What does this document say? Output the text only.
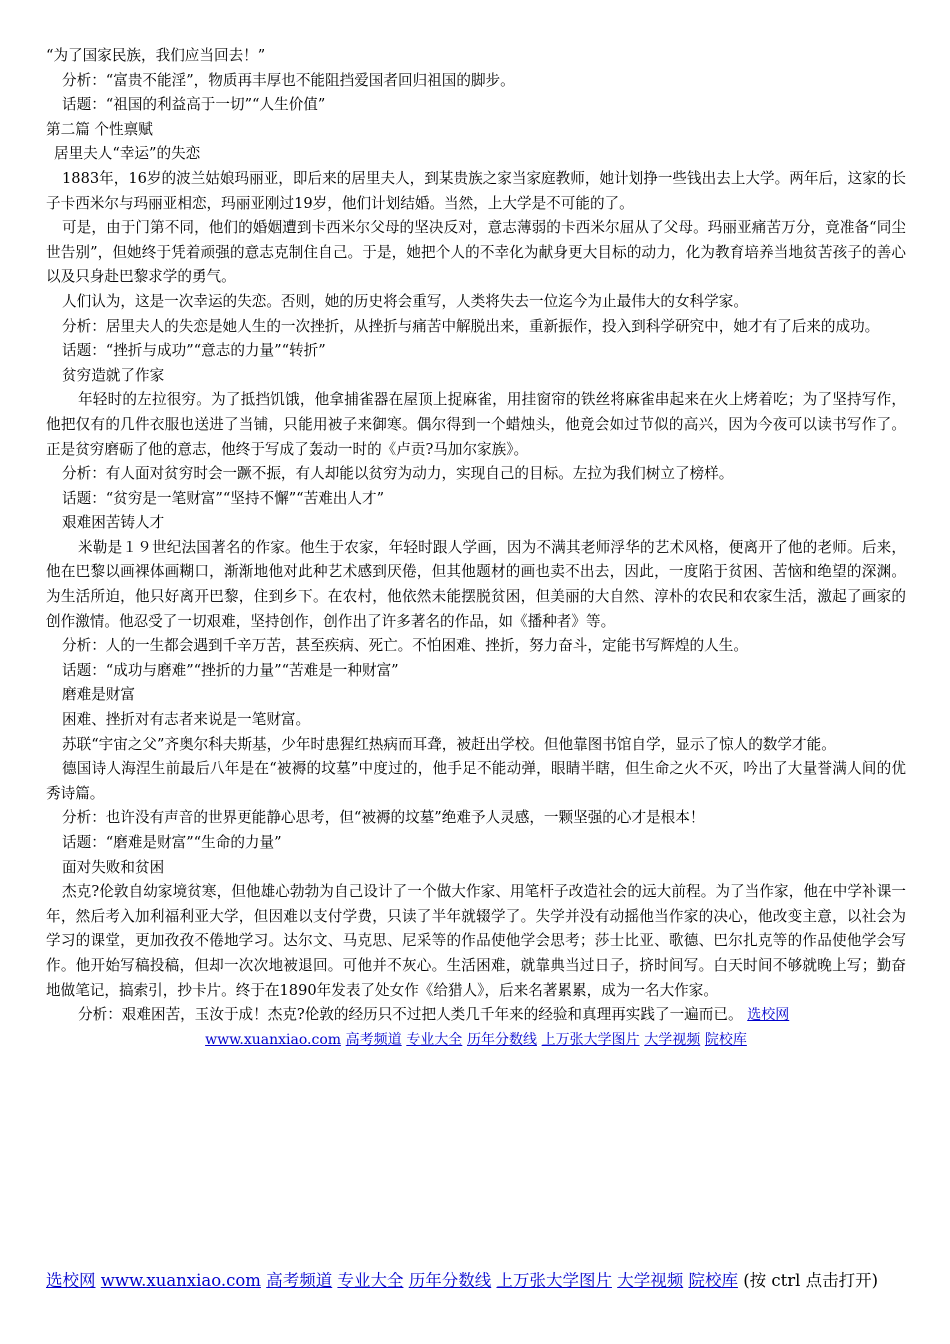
“为了国家民族，我们应当回去！”

分析：“富贵不能淫”，物质再丰厚也不能阻挡爱国者回归祖国的脚步。

话题：“祖国的利益高于一切”“人生价值”

第二篇 个性禀赋

居里夫人“幸运”的失恋

1883年，16岁的波兰姑娘玛丽亚，即后来的居里夫人，到某贵族之家当家庭教师，她计划挣一些钱出去上大学。两年后，这家的长子卡西米尔与玛丽亚相恋，玛丽亚刚过19岁，他们计划结婚。当然，上大学是不可能的了。

可是，由于门第不同，他们的婚姻遭到卡西米尔父母的坚决反对，意志薄弱的卡西米尔屈从了父母。玛丽亚痛苦万分，竟准备“同尘世告别”，但她终于凭着顽强的意志克制住自己。于是，她把个人的不幸化为献身更大目标的动力，化为教育培养当地贫苦孩子的善心以及只身赴巴黎求学的勇气。

人们认为，这是一次幸运的失恋。否则，她的历史将会重写，人类将失去一位迄今为止最伟大的女科学家。

分析：居里夫人的失恋是她人生的一次挫折，从挫折与痛苦中解脱出来，重新振作，投入到科学研究中，她才有了后来的成功。

话题：“挫折与成功”“意志的力量”“转折”

贫穷造就了作家

年轻时的左拉很穷。为了抵挡饥饿，他拿捕雀器在屋顶上捉麻雀，用挂窗帘的铁丝将麻雀串起来在火上烤着吃；为了坚持写作，他把仅有的几件衣服也送进了当铺，只能用被子来御寒。偶尔得到一个蜡烛头，他竟会如过节似的高兴，因为今夜可以读书写作了。正是贫穷磨砺了他的意志，他终于写成了轰动一时的《卢贡?马加尔家族》。

分析：有人面对贫穷时会一蹶不振，有人却能以贫穷为动力，实现自己的目标。左拉为我们树立了榜样。

话题：“贫穷是一笔财富”“坚持不懈”“苦难出人才”

艰难困苦铸人才

米勒是１９世纪法国著名的作家。他生于农家，年轻时跟人学画，因为不满其老师浮华的艺术风格，便离开了他的老师。后来，他在巴黎以画裸体画糊口，渐渐地他对此种艺术感到厌倦，但其他题材的画也卖不出去，因此，一度陷于贫困、苦恼和绝望的深渊。为生活所迫，他只好离开巴黎，住到乡下。在农村，他依然未能摆脱贫困，但美丽的大自然、淳朴的农民和农家生活，激起了画家的创作激情。他忍受了一切艰难，坚持创作，创作出了许多著名的作品，如《播种者》等。

分析：人的一生都会遇到千辛万苦，甚至疾病、死亡。不怕困难、挫折，努力奋斗，定能书写辉煌的人生。

话题：“成功与磨难”“挫折的力量”“苦难是一种财富”

磨难是财富

困难、挫折对有志者来说是一笔财富。

苏联“宇宙之父”齐奥尔科夫斯基，少年时患猩红热病而耳聋，被赶出学校。但他靠图书馆自学，显示了惊人的数学才能。

德国诗人海涅生前最后八年是在“被褥的坟墓”中度过的，他手足不能动弹，眼睛半瞎，但生命之火不灭，吟出了大量誉满人间的优秀诗篇。

分析：也许没有声音的世界更能静心思考，但“被褥的坟墓”绝难予人灵感，一颗坚强的心才是根本！

话题：“磨难是财富”“生命的力量”

面对失败和贫困

杰克?伦敦自幼家境贫寒，但他雄心勃勃为自己设计了一个做大作家、用笔杆子改造社会的远大前程。为了当作家，他在中学补课一年，然后考入加利福利亚大学，但因难以支付学费，只读了半年就辍学了。失学并没有动摇他当作家的决心，他改变主意，以社会为学习的课堂，更加孜孜不倦地学习。达尔文、马克思、尼采等的作品使他学会思考；莎士比亚、歌德、巴尔扎克等的作品使他学会写作。他开始写稿投稿，但却一次次地被退回。可他并不灰心。生活困难，就靠典当过日子，挤时间写。白天时间不够就晚上写；勤奋地做笔记，搞索引，抄卡片。终于在1890年发表了处女作《给猎人》，后来名著累累，成为一名大作家。

分析：艰难困苦，玉汝于成！杰克?伦敦的经历只不过把人类几千年来的经验和真理再实践了一遍而已。 选校网

www.xuanxiao.com 高考频道 专业大全 历年分数线 上万张大学图片 大学视频 院校库

选校网 www.xuanxiao.com 高考频道 专业大全 历年分数线 上万张大学图片 大学视频 院校库 (按 ctrl 点击打开)
